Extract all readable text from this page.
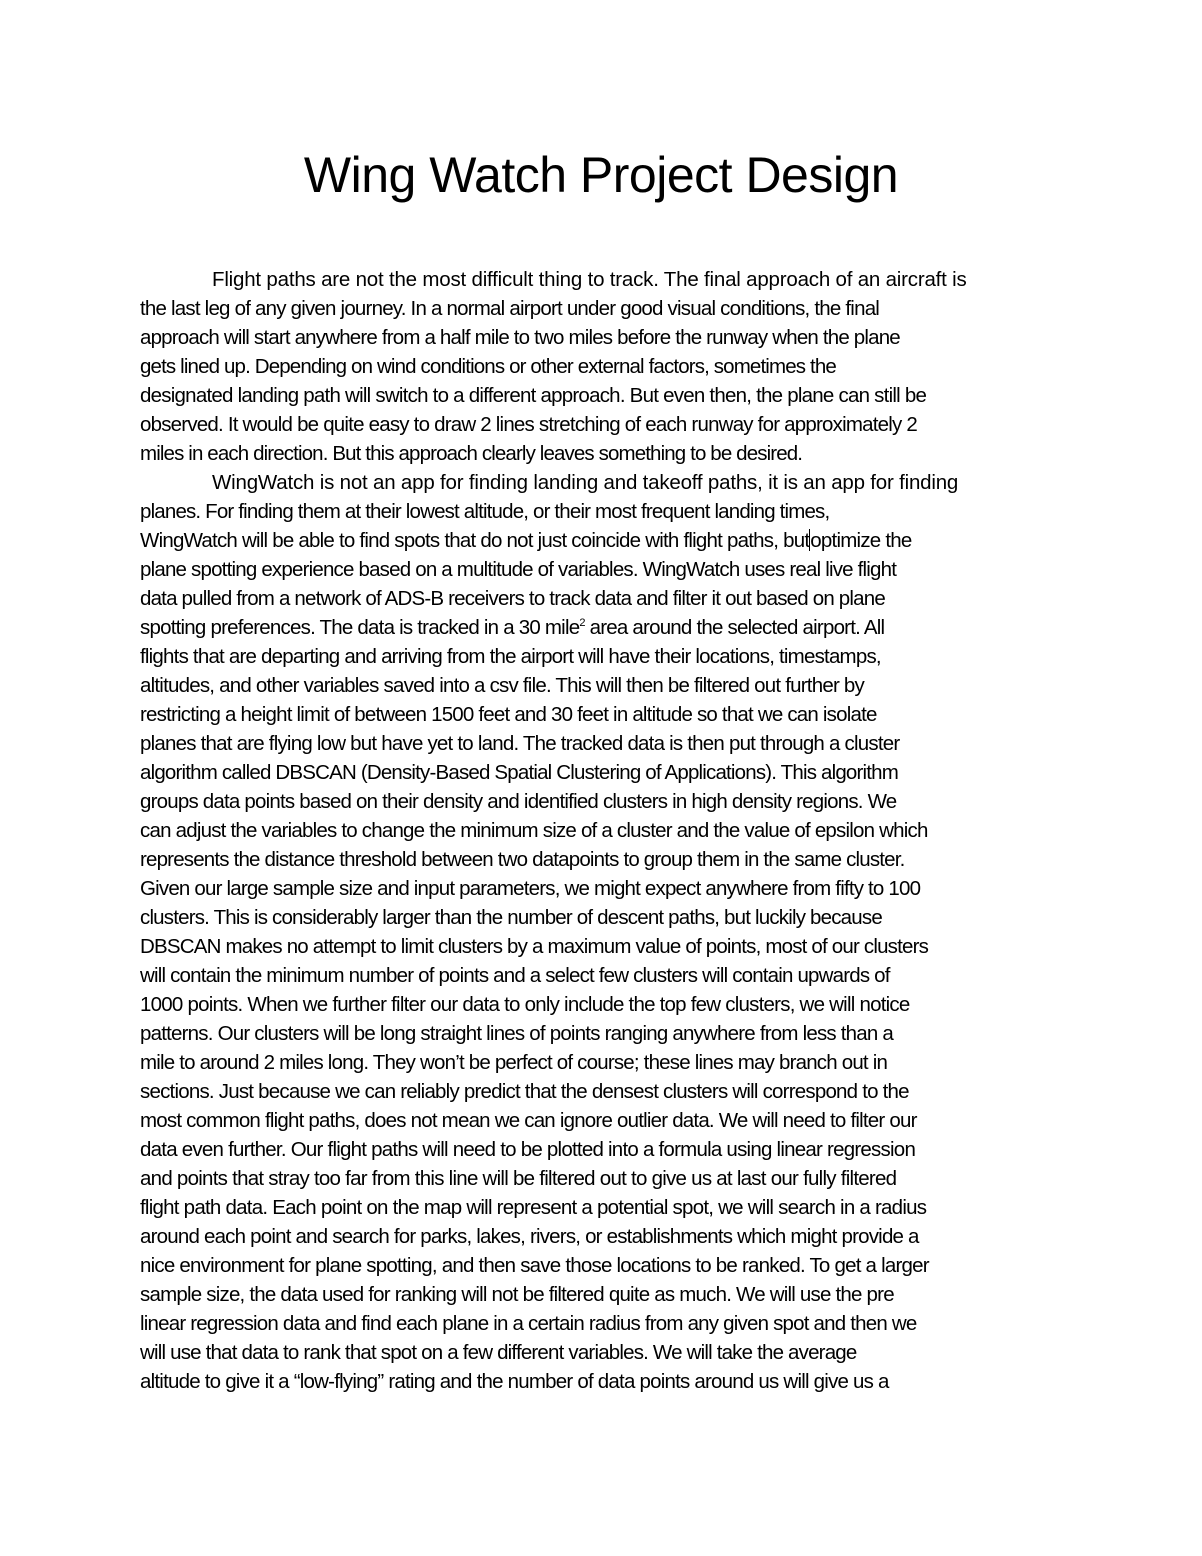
Wing Watch Project Design

Flight paths are not the most difficult thing to track. The final approach of an aircraft is
the last leg of any given journey. In a normal airport under good visual conditions, the final
approach will start anywhere from a half mile to two miles before the runway when the plane
gets lined up. Depending on wind conditions or other external factors, sometimes the
designated landing path will switch to a different approach. But even then, the plane can still be
observed. It would be quite easy to draw 2 lines stretching of each runway for approximately 2
miles in each direction. But this approach clearly leaves something to be desired.

WingWatch is not an app for finding landing and takeoff paths, it is an app for finding
planes. For finding them at their lowest altitude, or their most frequent landing times,
WingWatch will be able to find spots that do not just coincide with flight paths, butoptimize the
plane spotting experience based on a multitude of variables. WingWatch uses real live flight
data pulled from a network of ADS-B receivers to track data and filter it out based on plane
spotting preferences. The data is tracked in a 30 mile$^2$ area around the selected airport. All
flights that are departing and arriving from the airport will have their locations, timestamps,
altitudes, and other variables saved into a csv file. This will then be filtered out further by
restricting a height limit of between 1500 feet and 30 feet in altitude so that we can isolate
planes that are flying low but have yet to land. The tracked data is then put through a cluster
algorithm called DBSCAN (Density-Based Spatial Clustering of Applications). This algorithm
groups data points based on their density and identified clusters in high density regions. We
can adjust the variables to change the minimum size of a cluster and the value of epsilon which
represents the distance threshold between two datapoints to group them in the same cluster.
Given our large sample size and input parameters, we might expect anywhere from fifty to 100
clusters. This is considerably larger than the number of descent paths, but luckily because
DBSCAN makes no attempt to limit clusters by a maximum value of points, most of our clusters
will contain the minimum number of points and a select few clusters will contain upwards of
1000 points. When we further filter our data to only include the top few clusters, we will notice
patterns. Our clusters will be long straight lines of points ranging anywhere from less than a
mile to around 2 miles long. They won’t be perfect of course; these lines may branch out in
sections. Just because we can reliably predict that the densest clusters will correspond to the
most common flight paths, does not mean we can ignore outlier data. We will need to filter our
data even further. Our flight paths will need to be plotted into a formula using linear regression
and points that stray too far from this line will be filtered out to give us at last our fully filtered
flight path data. Each point on the map will represent a potential spot, we will search in a radius
around each point and search for parks, lakes, rivers, or establishments which might provide a
nice environment for plane spotting, and then save those locations to be ranked. To get a larger
sample size, the data used for ranking will not be filtered quite as much. We will use the pre
linear regression data and find each plane in a certain radius from any given spot and then we
will use that data to rank that spot on a few different variables. We will take the average
altitude to give it a “low-flying” rating and the number of data points around us will give us a
